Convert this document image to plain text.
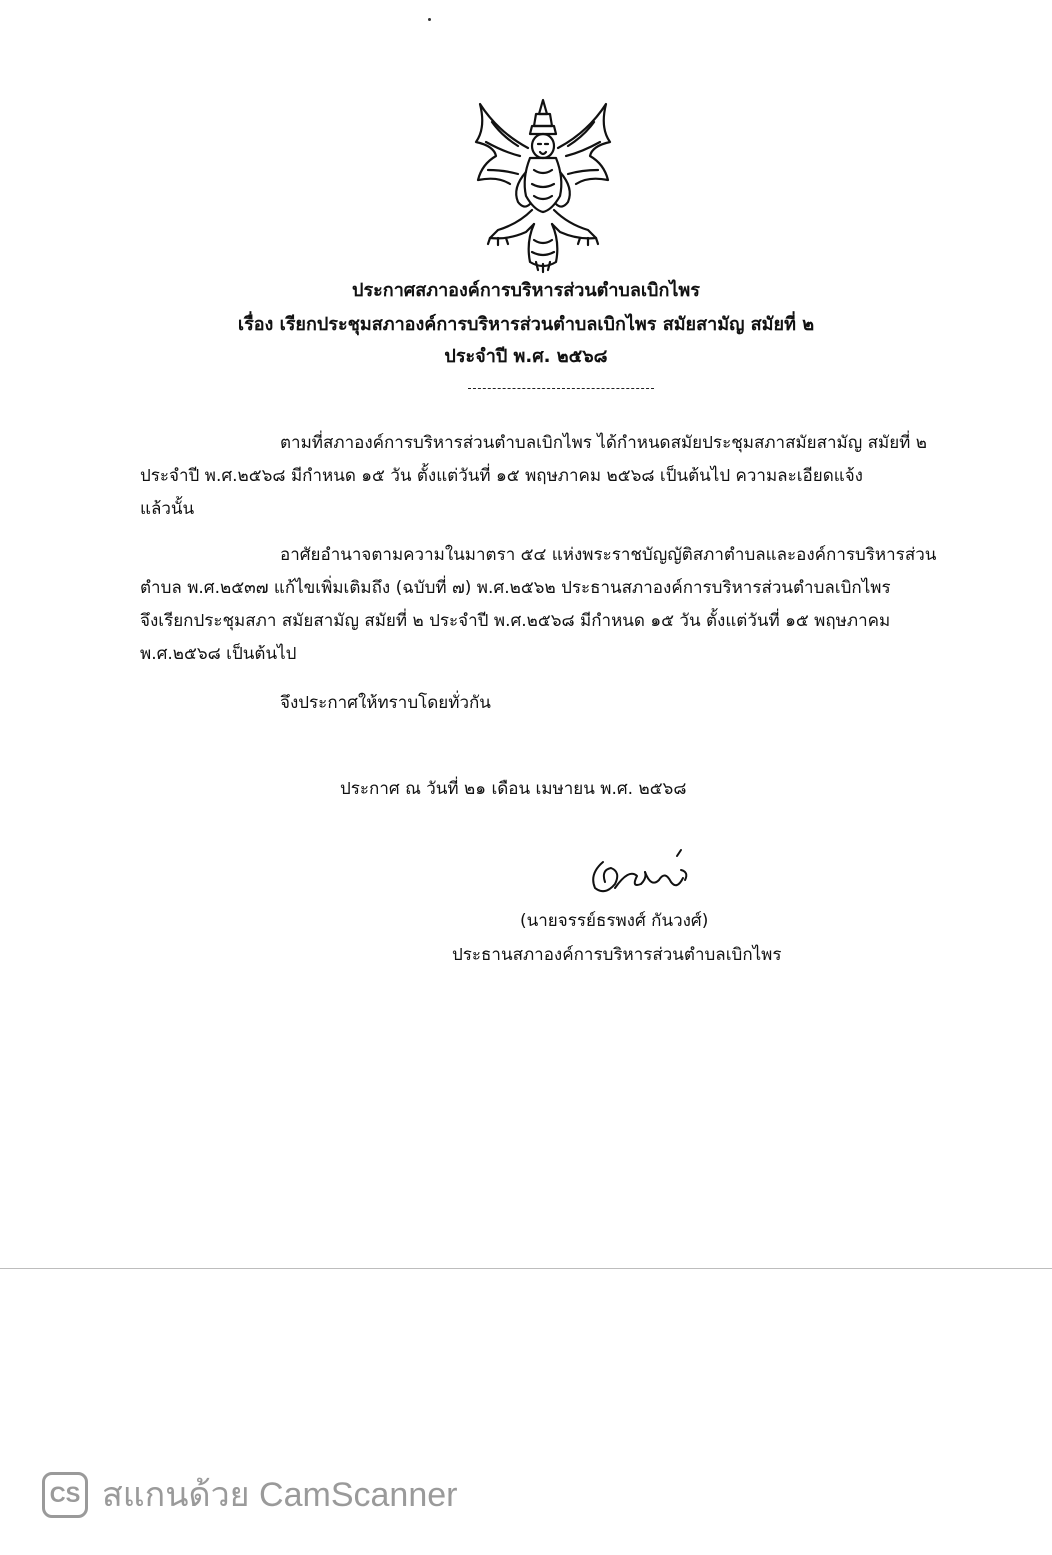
ประกาศสภาองค์การบริหารส่วนตำบลเบิกไพร
เรื่อง เรียกประชุมสภาองค์การบริหารส่วนตำบลเบิกไพร สมัยสามัญ สมัยที่ ๒
ประจำปี พ.ศ. ๒๕๖๘
ตามที่สภาองค์การบริหารส่วนตำบลเบิกไพร ได้กำหนดสมัยประชุมสภาสมัยสามัญ สมัยที่ ๒
ประจำปี พ.ศ.๒๕๖๘ มีกำหนด ๑๕ วัน ตั้งแต่วันที่ ๑๕ พฤษภาคม ๒๕๖๘ เป็นต้นไป ความละเอียดแจ้ง
แล้วนั้น
อาศัยอำนาจตามความในมาตรา ๕๔ แห่งพระราชบัญญัติสภาตำบลและองค์การบริหารส่วน
ตำบล พ.ศ.๒๕๓๗ แก้ไขเพิ่มเติมถึง (ฉบับที่ ๗) พ.ศ.๒๕๖๒ ประธานสภาองค์การบริหารส่วนตำบลเบิกไพร
จึงเรียกประชุมสภา สมัยสามัญ สมัยที่ ๒ ประจำปี พ.ศ.๒๕๖๘ มีกำหนด ๑๕ วัน ตั้งแต่วันที่ ๑๕ พฤษภาคม
พ.ศ.๒๕๖๘ เป็นต้นไป
จึงประกาศให้ทราบโดยทั่วกัน
ประกาศ ณ วันที่ ๒๑ เดือน เมษายน พ.ศ. ๒๕๖๘
(นายจรรย์ธรพงศ์ กันวงศ์)
ประธานสภาองค์การบริหารส่วนตำบลเบิกไพร
CS สแกนด้วย CamScanner
